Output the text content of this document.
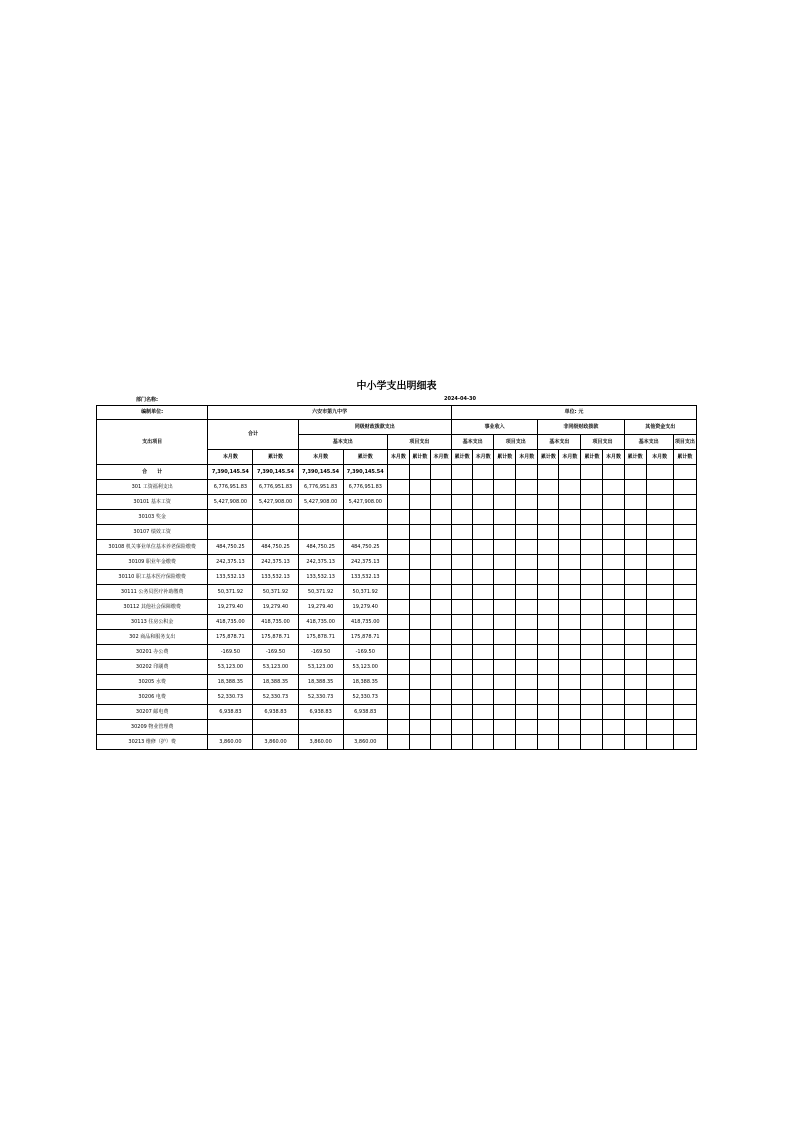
中小学支出明细表
部门名称:	2024-04-30
编制单位:	六安市第九中学							单位: 元										
支出项目	合计		同级财政拨款支出					事业收入				非同级财政拨款				其他资金支出		
			基本支出		项目支出			基本支出		项目支出		基本支出		项目支出		基本支出		项目支出
	本月数	累计数	本月数	累计数	本月数	累计数	本月数	累计数	本月数	累计数	本月数	累计数	本月数	累计数	本月数	累计数	本月数	累计数
合　　计	7,390,145.54	7,390,145.54	7,390,145.54	7,390,145.54														
301 工资福利支出	6,776,951.83	6,776,951.83	6,776,951.83	6,776,951.83														
30101 基本工资	5,427,908.00	5,427,908.00	5,427,908.00	5,427,908.00														
30103 奖金																		
30107 绩效工资																		
30108 机关事业单位基本养老保险缴费	484,750.25	484,750.25	484,750.25	484,750.25														
30109 职业年金缴费	242,375.13	242,375.13	242,375.13	242,375.13														
30110 职工基本医疗保险缴费	133,532.13	133,532.13	133,532.13	133,532.13														
30111 公务员医疗补助缴费	50,371.92	50,371.92	50,371.92	50,371.92														
30112 其他社会保障缴费	19,279.40	19,279.40	19,279.40	19,279.40														
30113 住房公积金	418,735.00	418,735.00	418,735.00	418,735.00														
302 商品和服务支出	175,878.71	175,878.71	175,878.71	175,878.71														
30201 办公费	-169.50	-169.50	-169.50	-169.50														
30202 印刷费	53,123.00	53,123.00	53,123.00	53,123.00														
30205 水费	18,388.35	18,388.35	18,388.35	18,388.35														
30206 电费	52,330.73	52,330.73	52,330.73	52,330.73														
30207 邮电费	6,938.83	6,938.83	6,938.83	6,938.83														
30209 物业管理费																		
30213 维修（护）费	3,860.00	3,860.00	3,860.00	3,860.00														
